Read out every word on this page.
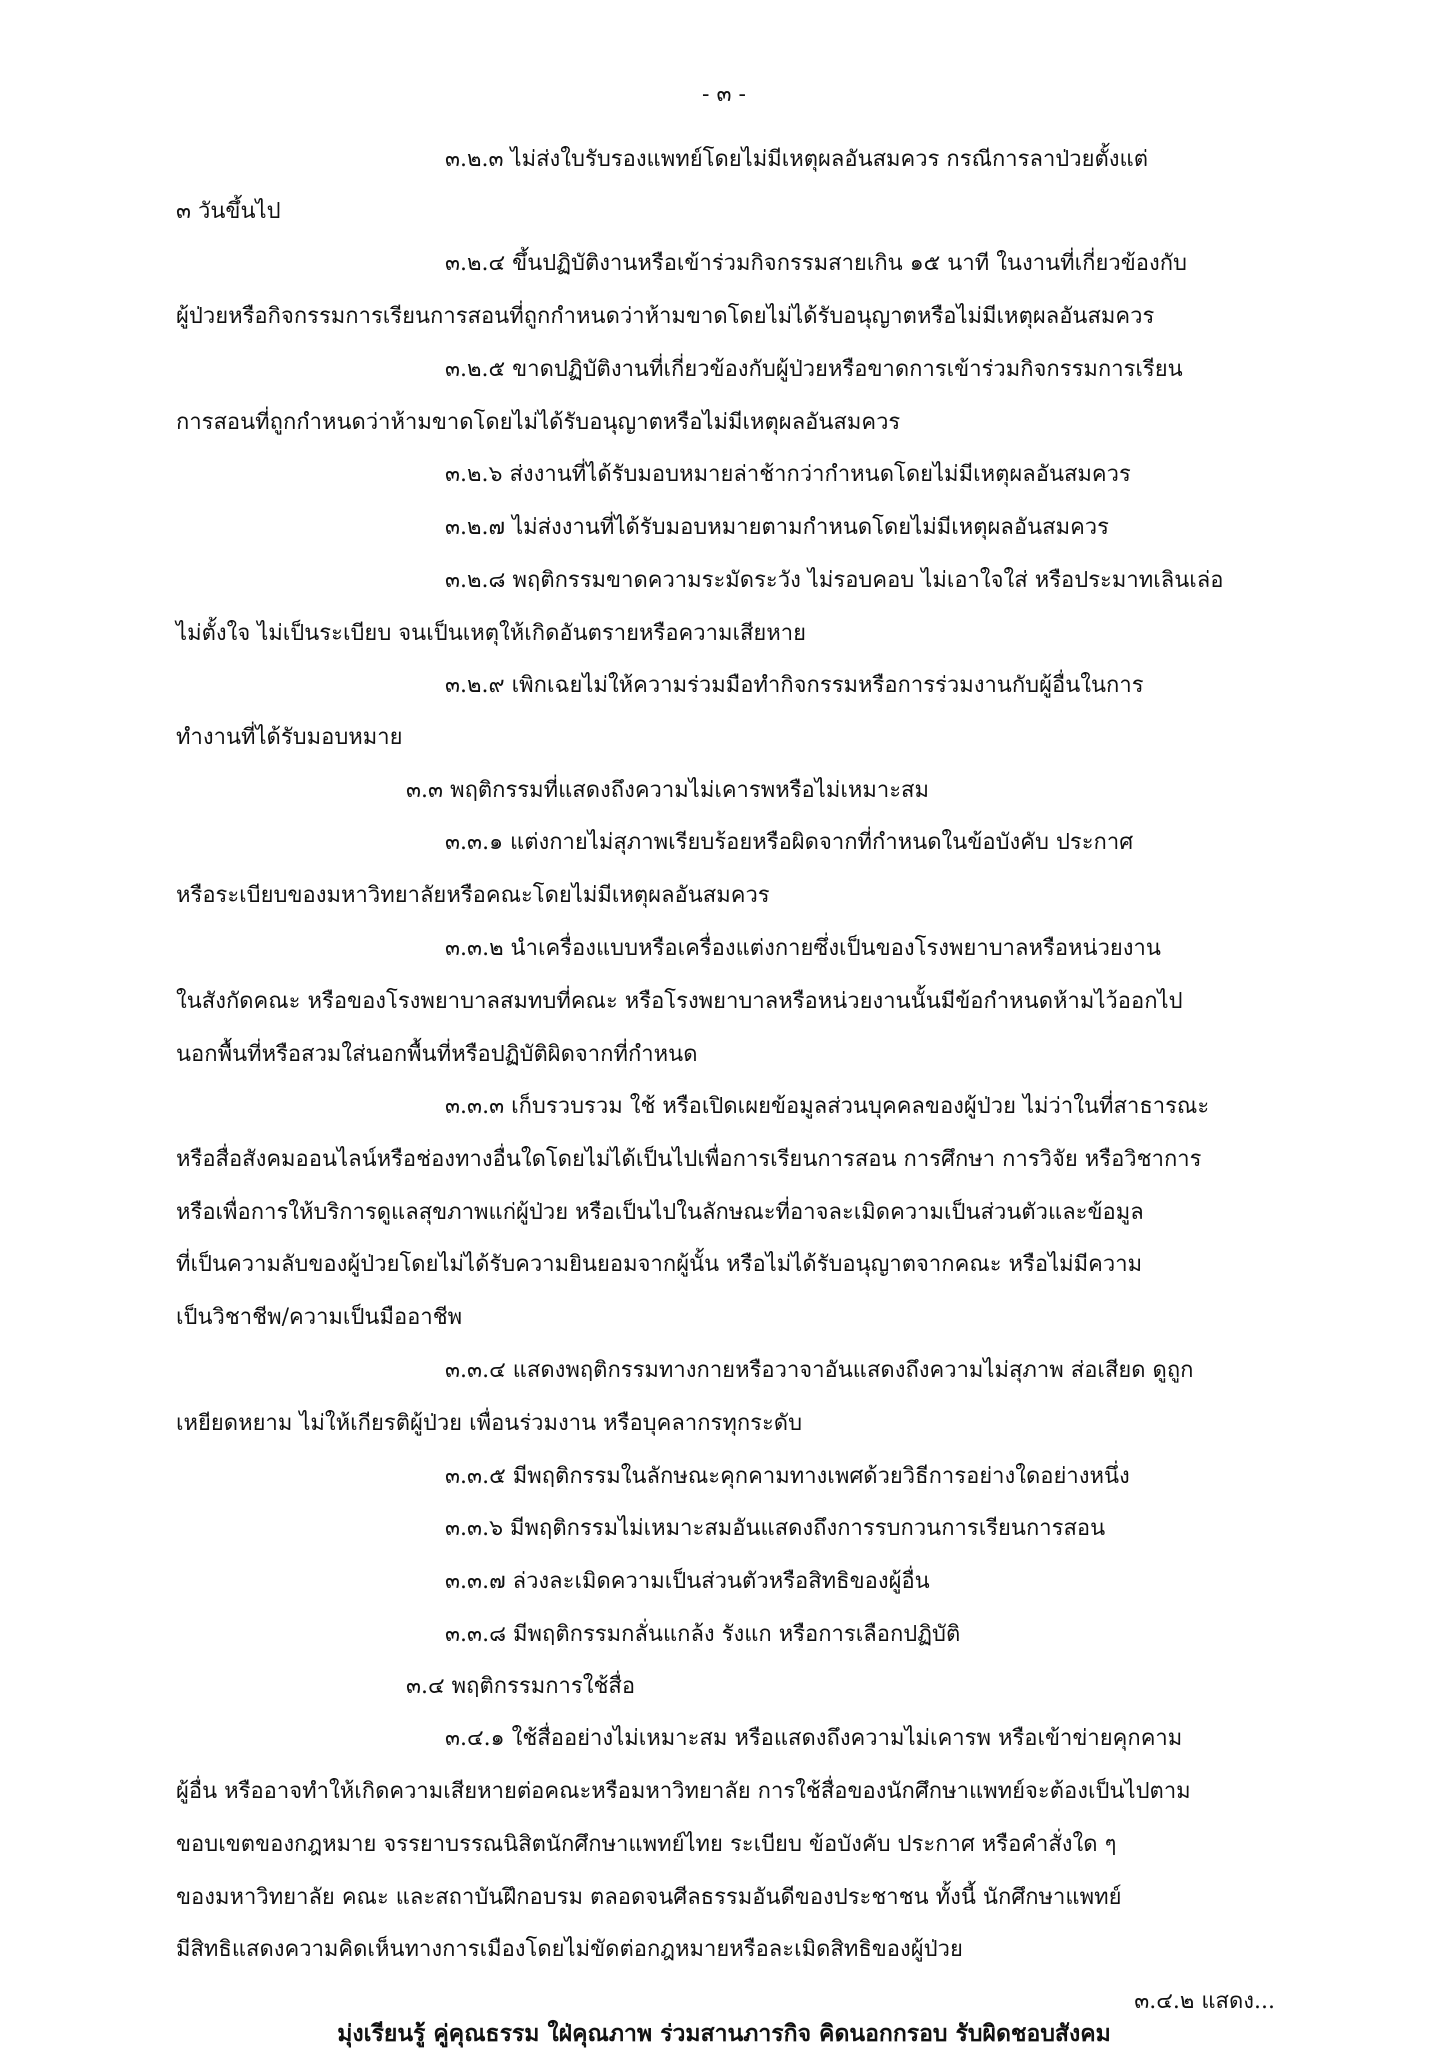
- ๓ -
๓.๒.๓ ไม่ส่งใบรับรองแพทย์โดยไม่มีเหตุผลอันสมควร กรณีการลาป่วยตั้งแต่
๓ วันขึ้นไป
๓.๒.๔ ขึ้นปฏิบัติงานหรือเข้าร่วมกิจกรรมสายเกิน ๑๕ นาที ในงานที่เกี่ยวข้องกับ
ผู้ป่วยหรือกิจกรรมการเรียนการสอนที่ถูกกำหนดว่าห้ามขาดโดยไม่ได้รับอนุญาตหรือไม่มีเหตุผลอันสมควร
๓.๒.๕ ขาดปฏิบัติงานที่เกี่ยวข้องกับผู้ป่วยหรือขาดการเข้าร่วมกิจกรรมการเรียน
การสอนที่ถูกกำหนดว่าห้ามขาดโดยไม่ได้รับอนุญาตหรือไม่มีเหตุผลอันสมควร
๓.๒.๖ ส่งงานที่ได้รับมอบหมายล่าช้ากว่ากำหนดโดยไม่มีเหตุผลอันสมควร
๓.๒.๗ ไม่ส่งงานที่ได้รับมอบหมายตามกำหนดโดยไม่มีเหตุผลอันสมควร
๓.๒.๘ พฤติกรรมขาดความระมัดระวัง ไม่รอบคอบ ไม่เอาใจใส่ หรือประมาทเลินเล่อ
ไม่ตั้งใจ ไม่เป็นระเบียบ จนเป็นเหตุให้เกิดอันตรายหรือความเสียหาย
๓.๒.๙ เพิกเฉยไม่ให้ความร่วมมือทำกิจกรรมหรือการร่วมงานกับผู้อื่นในการ
ทำงานที่ได้รับมอบหมาย
๓.๓ พฤติกรรมที่แสดงถึงความไม่เคารพหรือไม่เหมาะสม
๓.๓.๑ แต่งกายไม่สุภาพเรียบร้อยหรือผิดจากที่กำหนดในข้อบังคับ ประกาศ
หรือระเบียบของมหาวิทยาลัยหรือคณะโดยไม่มีเหตุผลอันสมควร
๓.๓.๒ นำเครื่องแบบหรือเครื่องแต่งกายซึ่งเป็นของโรงพยาบาลหรือหน่วยงาน
ในสังกัดคณะ หรือของโรงพยาบาลสมทบที่คณะ หรือโรงพยาบาลหรือหน่วยงานนั้นมีข้อกำหนดห้ามไว้ออกไป
นอกพื้นที่หรือสวมใส่นอกพื้นที่หรือปฏิบัติผิดจากที่กำหนด
๓.๓.๓ เก็บรวบรวม ใช้ หรือเปิดเผยข้อมูลส่วนบุคคลของผู้ป่วย ไม่ว่าในที่สาธารณะ
หรือสื่อสังคมออนไลน์หรือช่องทางอื่นใดโดยไม่ได้เป็นไปเพื่อการเรียนการสอน การศึกษา การวิจัย หรือวิชาการ
หรือเพื่อการให้บริการดูแลสุขภาพแก่ผู้ป่วย หรือเป็นไปในลักษณะที่อาจละเมิดความเป็นส่วนตัวและข้อมูล
ที่เป็นความลับของผู้ป่วยโดยไม่ได้รับความยินยอมจากผู้นั้น หรือไม่ได้รับอนุญาตจากคณะ หรือไม่มีความ
เป็นวิชาชีพ/ความเป็นมืออาชีพ
๓.๓.๔ แสดงพฤติกรรมทางกายหรือวาจาอันแสดงถึงความไม่สุภาพ ส่อเสียด ดูถูก
เหยียดหยาม ไม่ให้เกียรติผู้ป่วย เพื่อนร่วมงาน หรือบุคลากรทุกระดับ
๓.๓.๕ มีพฤติกรรมในลักษณะคุกคามทางเพศด้วยวิธีการอย่างใดอย่างหนึ่ง
๓.๓.๖ มีพฤติกรรมไม่เหมาะสมอันแสดงถึงการรบกวนการเรียนการสอน
๓.๓.๗ ล่วงละเมิดความเป็นส่วนตัวหรือสิทธิของผู้อื่น
๓.๓.๘ มีพฤติกรรมกลั่นแกล้ง รังแก หรือการเลือกปฏิบัติ
๓.๔ พฤติกรรมการใช้สื่อ
๓.๔.๑ ใช้สื่ออย่างไม่เหมาะสม หรือแสดงถึงความไม่เคารพ หรือเข้าข่ายคุกคาม
ผู้อื่น หรืออาจทำให้เกิดความเสียหายต่อคณะหรือมหาวิทยาลัย การใช้สื่อของนักศึกษาแพทย์จะต้องเป็นไปตาม
ขอบเขตของกฎหมาย จรรยาบรรณนิสิตนักศึกษาแพทย์ไทย ระเบียบ ข้อบังคับ ประกาศ หรือคำสั่งใด ๆ
ของมหาวิทยาลัย คณะ และสถาบันฝึกอบรม ตลอดจนศีลธรรมอันดีของประชาชน ทั้งนี้ นักศึกษาแพทย์
มีสิทธิแสดงความคิดเห็นทางการเมืองโดยไม่ขัดต่อกฎหมายหรือละเมิดสิทธิของผู้ป่วย
๓.๔.๒ แสดง...
มุ่งเรียนรู้ คู่คุณธรรม ใฝ่คุณภาพ ร่วมสานภารกิจ คิดนอกกรอบ รับผิดชอบสังคม
